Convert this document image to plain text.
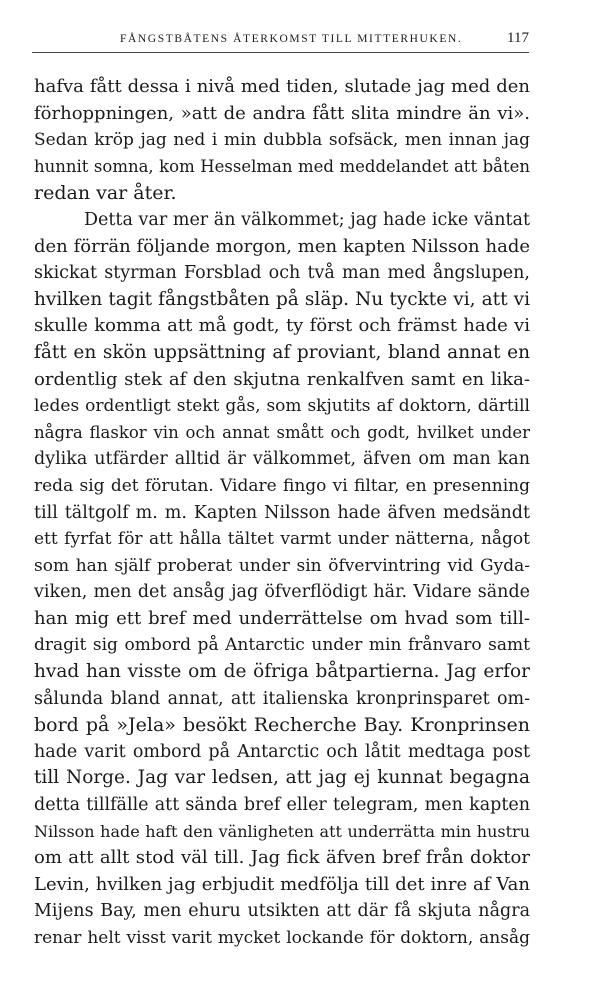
FÅNGSTBÅTENS ÅTERKOMST TILL MITTERHUKEN.	117
hafva fått dessa i nivå med tiden, slutade jag med den
förhoppningen, »att de andra fått slita mindre än vi».
Sedan kröp jag ned i min dubbla sofsäck, men innan jag
hunnit somna, kom Hesselman med meddelandet att båten
redan var åter.
Detta var mer än välkommet; jag hade icke väntat
den förrän följande morgon, men kapten Nilsson hade
skickat styrman Forsblad och två man med ångslupen,
hvilken tagit fångstbåten på släp. Nu tyckte vi, att vi
skulle komma att må godt, ty först och främst hade vi
fått en skön uppsättning af proviant, bland annat en
ordentlig stek af den skjutna renkalfven samt en lika-
ledes ordentligt stekt gås, som skjutits af doktorn, därtill
några flaskor vin och annat smått och godt, hvilket under
dylika utfärder alltid är välkommet, äfven om man kan
reda sig det förutan. Vidare fingo vi filtar, en presenning
till tältgolf m. m. Kapten Nilsson hade äfven medsändt
ett fyrfat för att hålla tältet varmt under nätterna, något
som han själf proberat under sin öfvervintring vid Gyda-
viken, men det ansåg jag öfverflödigt här. Vidare sände
han mig ett bref med underrättelse om hvad som till-
dragit sig ombord på Antarctic under min frånvaro samt
hvad han visste om de öfriga båtpartierna. Jag erfor
sålunda bland annat, att italienska kronprinsparet om-
bord på »Jela» besökt Recherche Bay. Kronprinsen
hade varit ombord på Antarctic och låtit medtaga post
till Norge. Jag var ledsen, att jag ej kunnat begagna
detta tillfälle att sända bref eller telegram, men kapten
Nilsson hade haft den vänligheten att underrätta min hustru
om att allt stod väl till. Jag fick äfven bref från doktor
Levin, hvilken jag erbjudit medfölja till det inre af Van
Mijens Bay, men ehuru utsikten att där få skjuta några
renar helt visst varit mycket lockande för doktorn, ansåg
